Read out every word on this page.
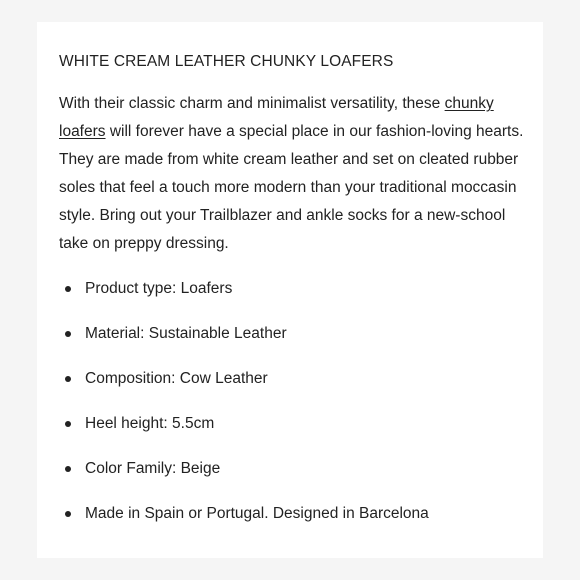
WHITE CREAM LEATHER CHUNKY LOAFERS
With their classic charm and minimalist versatility, these chunky loafers will forever have a special place in our fashion-loving hearts. They are made from white cream leather and set on cleated rubber soles that feel a touch more modern than your traditional moccasin style. Bring out your Trailblazer and ankle socks for a new-school take on preppy dressing.
Product type: Loafers
Material: Sustainable Leather
Composition: Cow Leather
Heel height: 5.5cm
Color Family: Beige
Made in Spain or Portugal. Designed in Barcelona
